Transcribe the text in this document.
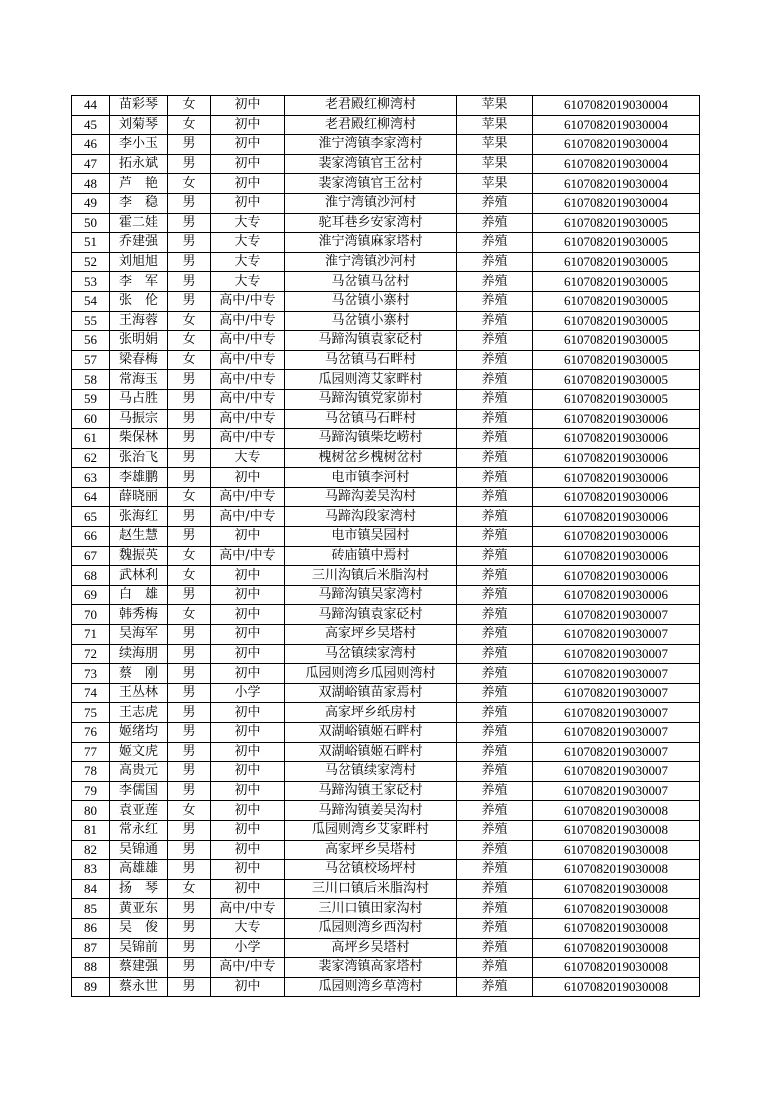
44	苗彩琴	女	初中	老君殿红柳湾村	苹果	6107082019030004
45	刘菊琴	女	初中	老君殿红柳湾村	苹果	6107082019030004
46	李小玉	男	初中	淮宁湾镇李家湾村	苹果	6107082019030004
47	拓永斌	男	初中	裴家湾镇官王岔村	苹果	6107082019030004
48	芦　艳	女	初中	裴家湾镇官王岔村	苹果	6107082019030004
49	李　稳	男	初中	淮宁湾镇沙河村	养殖	6107082019030004
50	霍二娃	男	大专	驼耳巷乡安家湾村	养殖	6107082019030005
51	乔建强	男	大专	淮宁湾镇麻家塔村	养殖	6107082019030005
52	刘旭旭	男	大专	淮宁湾镇沙河村	养殖	6107082019030005
53	李　军	男	大专	马岔镇马岔村	养殖	6107082019030005
54	张　伦	男	高中/中专	马岔镇小寨村	养殖	6107082019030005
55	王海蓉	女	高中/中专	马岔镇小寨村	养殖	6107082019030005
56	张明娟	女	高中/中专	马蹄沟镇袁家砭村	养殖	6107082019030005
57	梁春梅	女	高中/中专	马岔镇马石畔村	养殖	6107082019030005
58	常海玉	男	高中/中专	瓜园则湾艾家畔村	养殖	6107082019030005
59	马占胜	男	高中/中专	马蹄沟镇党家峁村	养殖	6107082019030005
60	马振宗	男	高中/中专	马岔镇马石畔村	养殖	6107082019030006
61	柴保林	男	高中/中专	马蹄沟镇柴圪崂村	养殖	6107082019030006
62	张治飞	男	大专	槐树岔乡槐树岔村	养殖	6107082019030006
63	李雄鹏	男	初中	电市镇李河村	养殖	6107082019030006
64	薛晓丽	女	高中/中专	马蹄沟姜吴沟村	养殖	6107082019030006
65	张海红	男	高中/中专	马蹄沟段家湾村	养殖	6107082019030006
66	赵生慧	男	初中	电市镇吴园村	养殖	6107082019030006
67	魏振英	女	高中/中专	砖庙镇中焉村	养殖	6107082019030006
68	武林利	女	初中	三川沟镇后米脂沟村	养殖	6107082019030006
69	白　雄	男	初中	马蹄沟镇吴家湾村	养殖	6107082019030006
70	韩秀梅	女	初中	马蹄沟镇袁家砭村	养殖	6107082019030007
71	吴海军	男	初中	高家坪乡吴塔村	养殖	6107082019030007
72	续海朋	男	初中	马岔镇续家湾村	养殖	6107082019030007
73	蔡　刚	男	初中	瓜园则湾乡瓜园则湾村	养殖	6107082019030007
74	王丛林	男	小学	双湖峪镇苗家焉村	养殖	6107082019030007
75	王志虎	男	初中	高家坪乡纸房村	养殖	6107082019030007
76	姬绪均	男	初中	双湖峪镇姬石畔村	养殖	6107082019030007
77	姬文虎	男	初中	双湖峪镇姬石畔村	养殖	6107082019030007
78	高贵元	男	初中	马岔镇续家湾村	养殖	6107082019030007
79	李儒国	男	初中	马蹄沟镇王家砭村	养殖	6107082019030007
80	袁亚莲	女	初中	马蹄沟镇姜吴沟村	养殖	6107082019030008
81	常永红	男	初中	瓜园则湾乡艾家畔村	养殖	6107082019030008
82	吴锦通	男	初中	高家坪乡吴塔村	养殖	6107082019030008
83	高雄雄	男	初中	马岔镇校场坪村	养殖	6107082019030008
84	扬　琴	女	初中	三川口镇后米脂沟村	养殖	6107082019030008
85	黄亚东	男	高中/中专	三川口镇田家沟村	养殖	6107082019030008
86	吴　俊	男	大专	瓜园则湾乡西沟村	养殖	6107082019030008
87	吴锦前	男	小学	高坪乡吴塔村	养殖	6107082019030008
88	蔡建强	男	高中/中专	裴家湾镇高家塔村	养殖	6107082019030008
89	蔡永世	男	初中	瓜园则湾乡草湾村	养殖	6107082019030008
